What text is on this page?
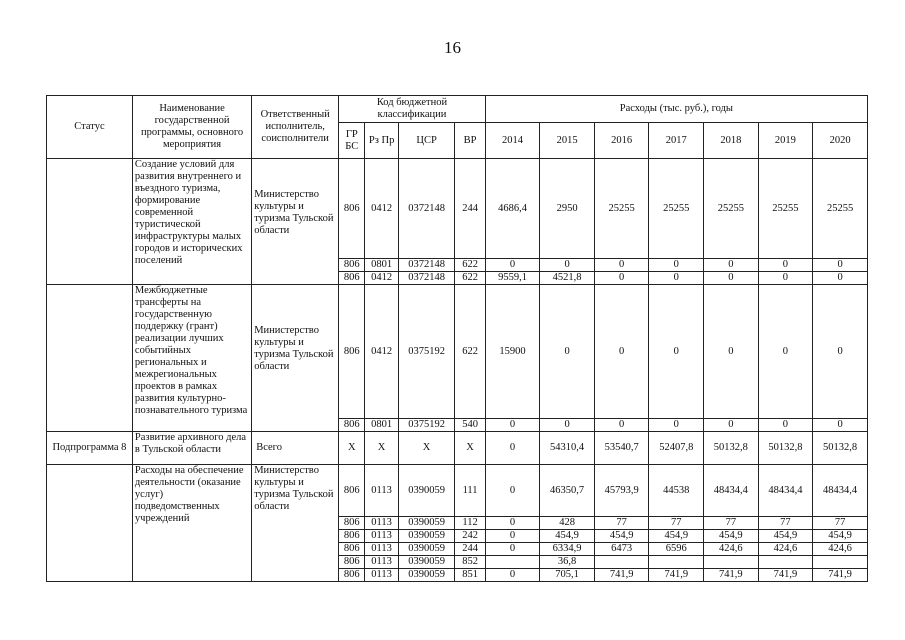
16
Статус	Наименование государственной программы, основного мероприятия	Ответственный исполнитель, соисполнители	Код бюджетной классификации				Расходы (тыс. руб.), годы						
			ГР БС	Рз Пр	ЦСР	ВР	2014	2015	2016	2017	2018	2019	2020
	Создание условий для развития внутреннего и въездного туризма, формирование современной туристической инфраструктуры малых городов и исторических поселений	Министерство культуры и туризма Тульской области	806	0412	0372148	244	4686,4	2950	25255	25255	25255	25255	25255
			806	0801	0372148	622	0	0	0	0	0	0	0
			806	0412	0372148	622	9559,1	4521,8	0	0	0	0	0
	Межбюджетные трансферты на государственную поддержку (грант) реализации лучших событийных региональных и межрегиональных проектов в рамках развития культурно-познавательного туризма	Министерство культуры и туризма Тульской области	806	0412	0375192	622	15900	0	0	0	0	0	0
			806	0801	0375192	540	0	0	0	0	0	0	0
Подпрограмма 8	Развитие архивного дела в Тульской области	Всего	Х	Х	Х	Х	0	54310,4	53540,7	52407,8	50132,8	50132,8	50132,8
	Расходы на обеспечение деятельности (оказание услуг) подведомственных учреждений	Министерство культуры и туризма Тульской области	806	0113	0390059	111	0	46350,7	45793,9	44538	48434,4	48434,4	48434,4
			806	0113	0390059	112	0	428	77	77	77	77	77
			806	0113	0390059	242	0	454,9	454,9	454,9	454,9	454,9	454,9
			806	0113	0390059	244	0	6334,9	6473	6596	424,6	424,6	424,6
			806	0113	0390059	852		36,8					
			806	0113	0390059	851	0	705,1	741,9	741,9	741,9	741,9	741,9
